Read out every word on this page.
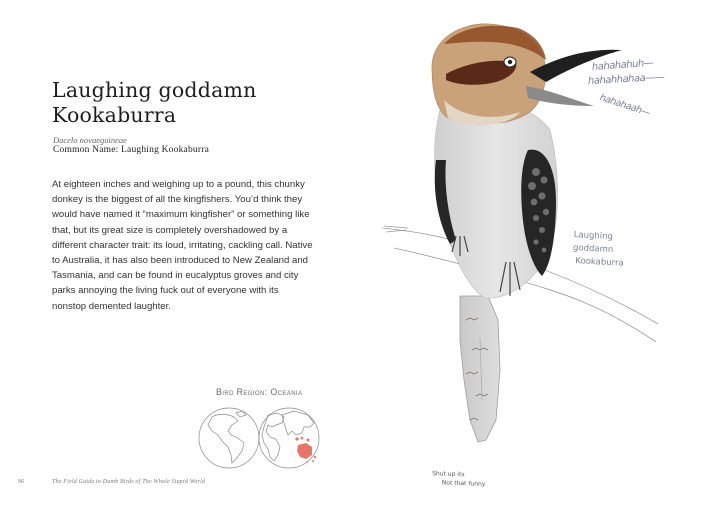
Laughing goddamn
Kookaburra
Dacelo novaeguineae
Common Name: Laughing Kookaburra

At eighteen inches and weighing up to a pound, this chunky donkey is the biggest of all the kingfishers. You’d think they would have named it “maximum kingfisher” or something like that, but its great size is completely overshadowed by a different character trait: its loud, irritating, cackling call. Native to Australia, it has also been introduced to New Zealand and Tasmania, and can be found in eucalyptus groves and city parks annoying the living fuck out of everyone with its nonstop demented laughter.

Bird Region: Oceania
96	The Field Guide to Dumb Birds of The Whole Stupid World
hahahahuh—
hahahhahaa——
hahahaah—
Laughing
goddamn
Kookaburra
Shut up its
Not that funny
